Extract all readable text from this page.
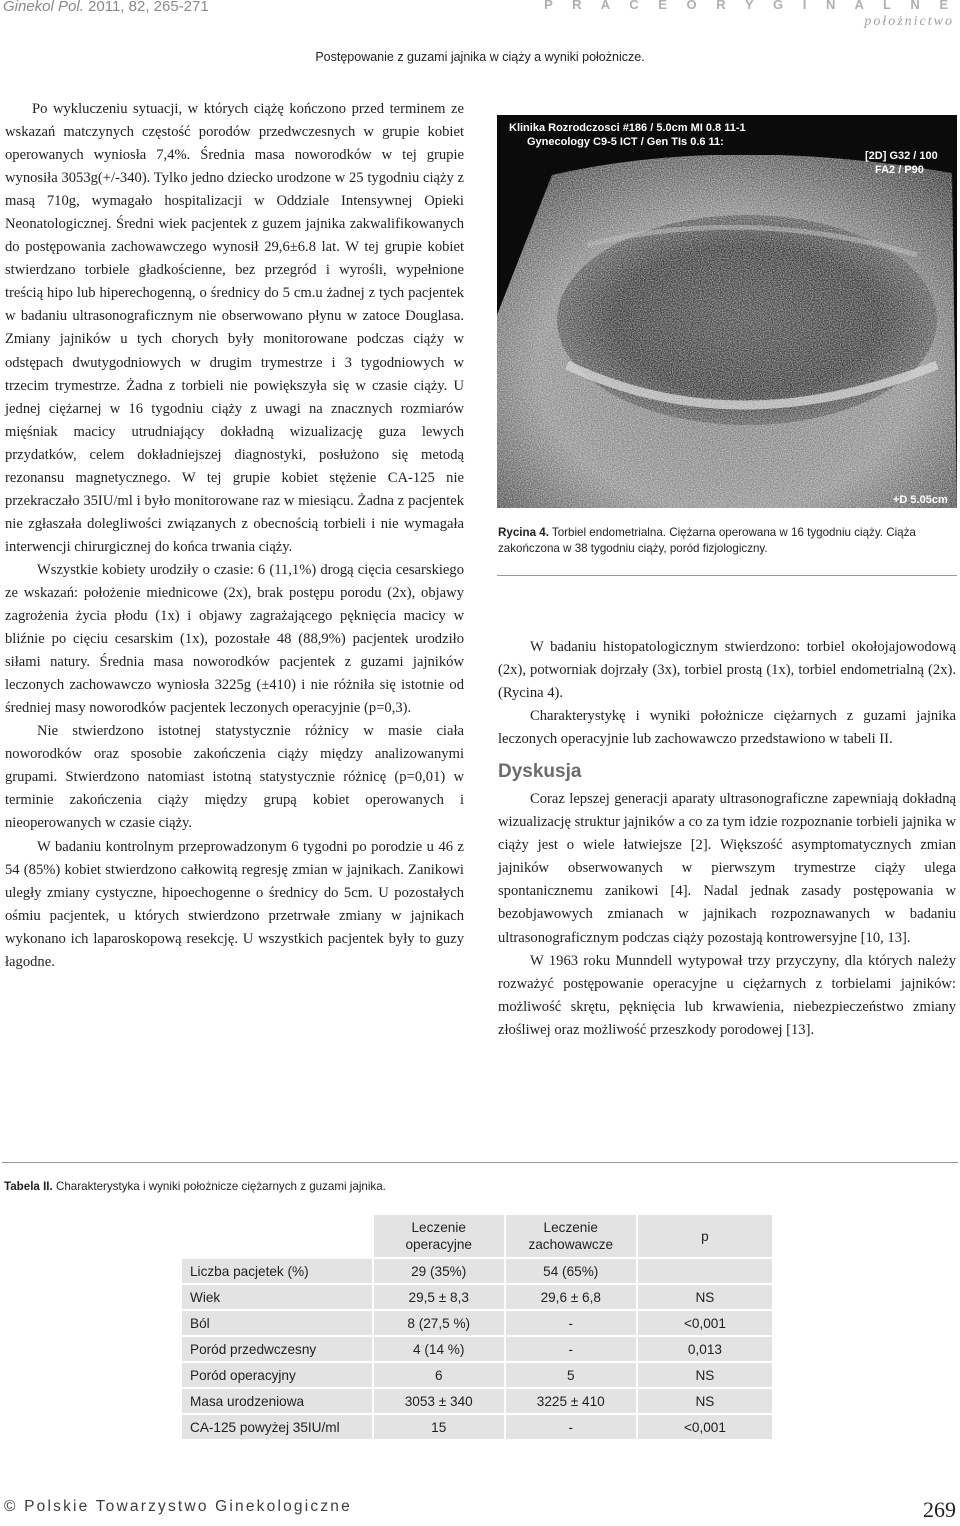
Ginekol Pol. 2011, 82, 265-271	P R A C E O R Y G I N A L N E
położnictwo
Postępowanie z guzami jajnika w ciąży a wyniki położnicze.

Po wykluczeniu sytuacji, w których ciążę kończono przed terminem ze wskazań matczynych częstość porodów przedwczesnych w grupie kobiet operowanych wyniosła 7,4%. Średnia masa noworodków w tej grupie wynosiła 3053g(+/-340). Tylko jedno dziecko urodzone w 25 tygodniu ciąży z masą 710g, wymagało hospitalizacji w Oddziale Intensywnej Opieki Neonatologicznej. Średni wiek pacjentek z guzem jajnika zakwalifikowanych do postępowania zachowawczego wynosił 29,6±6.8 lat. W tej grupie kobiet stwierdzano torbiele gładkościenne, bez przegród i wyrośli, wypełnione treścią hipo lub hiperechogenną, o średnicy do 5 cm.u żadnej z tych pacjentek w badaniu ultrasonograficznym nie obserwowano płynu w zatoce Douglasa. Zmiany jajników u tych chorych były monitorowane podczas ciąży w odstępach dwutygodniowych w drugim trymestrze i 3 tygodniowych w trzecim trymestrze. Żadna z torbieli nie powiększyła się w czasie ciąży. U jednej ciężarnej w 16 tygodniu ciąży z uwagi na znacznych rozmiarów mięśniak macicy utrudniający dokładną wizualizację guza lewych przydatków, celem dokładniejszej diagnostyki, posłużono się metodą rezonansu magnetycznego. W tej grupie kobiet stężenie CA-125 nie przekraczało 35IU/ml i było monitorowane raz w miesiącu. Żadna z pacjentek nie zgłaszała dolegliwości związanych z obecnością torbieli i nie wymagała interwencji chirurgicznej do końca trwania ciąży.

Wszystkie kobiety urodziły o czasie: 6 (11,1%) drogą cięcia cesarskiego ze wskazań: położenie miednicowe (2x), brak postępu porodu (2x), objawy zagrożenia życia płodu (1x) i objawy zagrażającego pęknięcia macicy w bliźnie po cięciu cesarskim (1x), pozostałe 48 (88,9%) pacjentek urodziło siłami natury. Średnia masa noworodków pacjentek z guzami jajników leczonych zachowawczo wyniosła 3225g (±410) i nie różniła się istotnie od średniej masy noworodków pacjentek leczonych operacyjnie (p=0,3).

Nie stwierdzono istotnej statystycznie różnicy w masie ciała noworodków oraz sposobie zakończenia ciąży między analizowanymi grupami. Stwierdzono natomiast istotną statystycznie różnicę (p=0,01) w terminie zakończenia ciąży między grupą kobiet operowanych i nieoperowanych w czasie ciąży.

W badaniu kontrolnym przeprowadzonym 6 tygodni po porodzie u 46 z 54 (85%) kobiet stwierdzono całkowitą regresję zmian w jajnikach. Zanikowi uległy zmiany cystyczne, hipoechogenne o średnicy do 5cm. U pozostałych ośmiu pacjentek, u których stwierdzono przetrwałe zmiany w jajnikach wykonano ich laparoskopową resekcję. U wszystkich pacjentek były to guzy łagodne.

Klinika Rozrodczosci #186 / 5.0cm MI 0.8 11-1
Gynecology C9-5 ICT / Gen TIs 0.6 11:
[2D] G32 / 100
FA2 / P90
+D 5.05cm
Rycina 4. Torbiel endometrialna. Ciężarna operowana w 16 tygodniu ciąży. Ciąża zakończona w 38 tygodniu ciąży, poród fizjologiczny.

W badaniu histopatologicznym stwierdzono: torbiel okołojajowodową (2x), potworniak dojrzały (3x), torbiel prostą (1x), torbiel endometrialną (2x). (Rycina 4).

Charakterystykę i wyniki położnicze ciężarnych z guzami jajnika leczonych operacyjnie lub zachowawczo przedstawiono w tabeli II.

Dyskusja

Coraz lepszej generacji aparaty ultrasonograficzne zapewniają dokładną wizualizację struktur jajników a co za tym idzie rozpoznanie torbieli jajnika w ciąży jest o wiele łatwiejsze [2]. Większość asymptomatycznych zmian jajników obserwowanych w pierwszym trymestrze ciąży ulega spontanicznemu zanikowi [4]. Nadal jednak zasady postępowania w bezobjawowych zmianach w jajnikach rozpoznawanych w badaniu ultrasonograficznym podczas ciąży pozostają kontrowersyjne [10, 13].

W 1963 roku Munndell wytypował trzy przyczyny, dla których należy rozważyć postępowanie operacyjne u ciężarnych z torbielami jajników: możliwość skrętu, pęknięcia lub krwawienia, niebezpieczeństwo zmiany złośliwej oraz możliwość przeszkody porodowej [13].

Tabela II. Charakterystyka i wyniki położnicze ciężarnych z guzami jajnika.
	Leczenie operacyjne	Leczenie zachowawcze	p
Liczba pacjetek (%)	29 (35%)	54 (65%)	
Wiek	29,5 ± 8,3	29,6 ± 6,8	NS
Ból	8 (27,5 %)	-	<0,001
Poród przedwczesny	4 (14 %)	-	0,013
Poród operacyjny	6	5	NS
Masa urodzeniowa	3053 ± 340	3225 ± 410	NS
CA-125 powyżej 35IU/ml	15	-	<0,001
© Polskie Towarzystwo Ginekologiczne	269
